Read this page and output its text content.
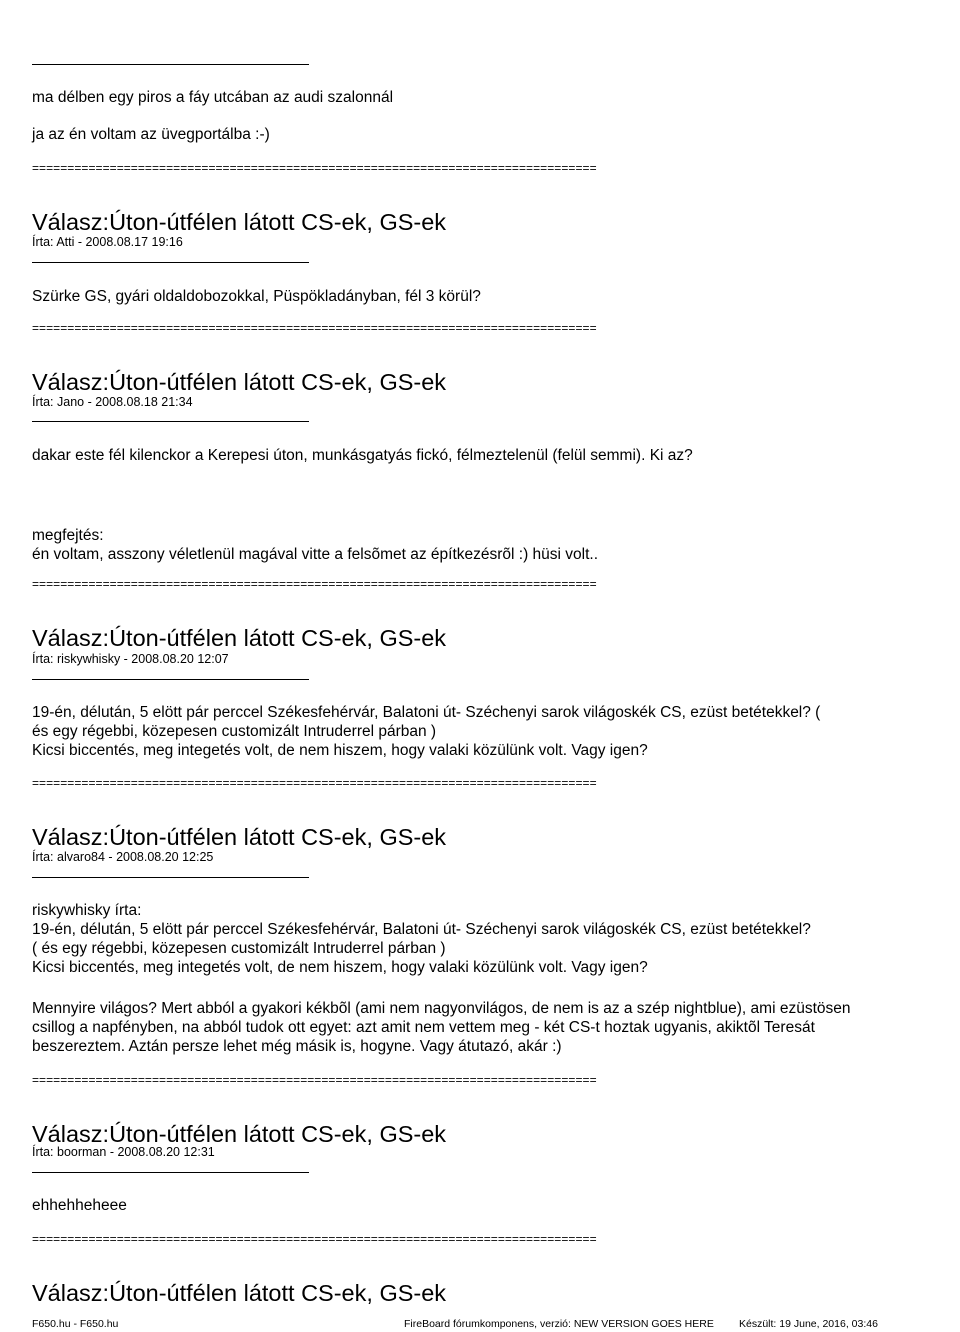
ma délben egy piros a fáy utcában az audi szalonnál
ja az én voltam az üvegportálba :-)
================================================================================
Válasz:Úton-útfélen látott CS-ek, GS-ek
Írta: Atti - 2008.08.17 19:16
Szürke GS, gyári oldaldobozokkal, Püspökladányban, fél 3 körül?
================================================================================
Válasz:Úton-útfélen látott CS-ek, GS-ek
Írta: Jano - 2008.08.18 21:34
dakar este fél kilenckor a Kerepesi úton, munkásgatyás fickó, félmeztelenül (felül semmi). Ki az?
megfejtés:
én voltam, asszony véletlenül magával vitte a felsõmet az építkezésrõl :) hüsi volt..
================================================================================
Válasz:Úton-útfélen látott CS-ek, GS-ek
Írta: riskywhisky - 2008.08.20 12:07
19-én, délután, 5 elött pár perccel Székesfehérvár, Balatoni út- Széchenyi sarok világoskék CS, ezüst betétekkel? (
és egy régebbi, közepesen customizált Intruderrel párban )
Kicsi biccentés, meg integetés volt, de nem hiszem, hogy valaki közülünk volt. Vagy igen?
================================================================================
Válasz:Úton-útfélen látott CS-ek, GS-ek
Írta: alvaro84 - 2008.08.20 12:25
riskywhisky írta:
19-én, délután, 5 elött pár perccel Székesfehérvár, Balatoni út- Széchenyi sarok világoskék CS, ezüst betétekkel?
( és egy régebbi, közepesen customizált Intruderrel párban )
Kicsi biccentés, meg integetés volt, de nem hiszem, hogy valaki közülünk volt. Vagy igen?
Mennyire világos? Mert abból a gyakori kékbõl (ami nem nagyonvilágos, de nem is az a szép nightblue), ami ezüstösen
csillog a napfényben, na abból tudok ott egyet: azt amit nem vettem meg - két CS-t hoztak ugyanis, akiktõl Teresát
beszereztem. Aztán persze lehet még másik is, hogyne. Vagy átutazó, akár :)
================================================================================
Válasz:Úton-útfélen látott CS-ek, GS-ek
Írta: boorman - 2008.08.20 12:31
ehhehheheee
================================================================================
Válasz:Úton-útfélen látott CS-ek, GS-ek
F650.hu - F650.hu	FireBoard fórumkomponens, verzió: NEW VERSION GOES HERE Készült: 19 June, 2016, 03:46
